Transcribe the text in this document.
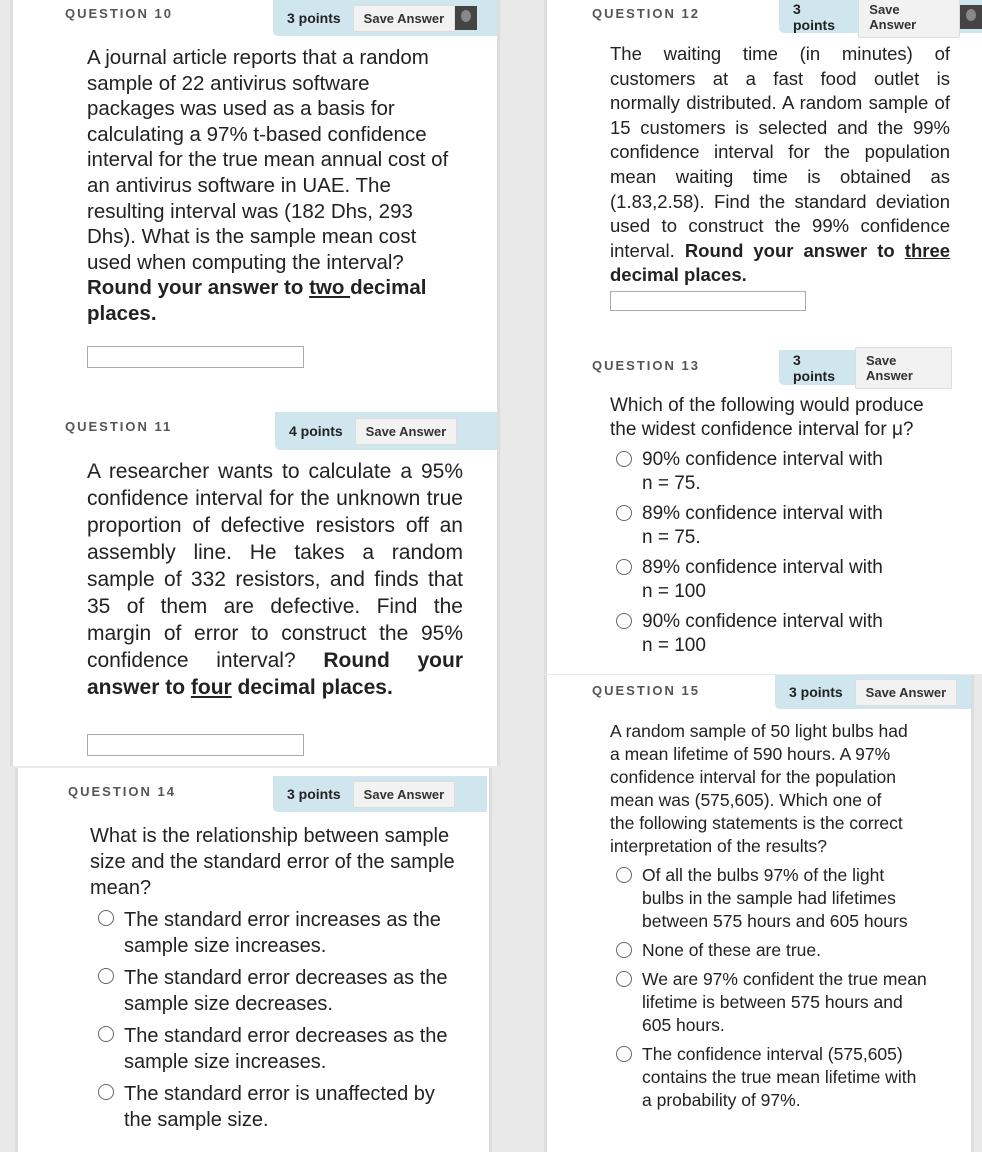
QUESTION 10	3 points	Save Answer
A journal article reports that a random sample of 22 antivirus software packages was used as a basis for calculating a 97% t-based confidence interval for the true mean annual cost of an antivirus software in UAE. The resulting interval was (182 Dhs, 293 Dhs). What is the sample mean cost used when computing the interval? Round your answer to two decimal places.
QUESTION 11	4 points	Save Answer
A researcher wants to calculate a 95% confidence interval for the unknown true proportion of defective resistors off an assembly line. He takes a random sample of 332 resistors, and finds that 35 of them are defective. Find the margin of error to construct the 95% confidence interval? Round your answer to four decimal places.
QUESTION 14	3 points	Save Answer
What is the relationship between sample size and the standard error of the sample mean?
The standard error increases as the sample size increases.
The standard error decreases as the sample size decreases.
The standard error decreases as the sample size increases.
The standard error is unaffected by the sample size.
QUESTION 12	3 points
Save Answer
The waiting time (in minutes) of customers at a fast food outlet is normally distributed. A random sample of 15 customers is selected and the 99% confidence interval for the population mean waiting time is obtained as (1.83,2.58). Find the standard deviation used to construct the 99% confidence interval. Round your answer to three decimal places.
QUESTION 13	3 points
Save Answer
Which of the following would produce the widest confidence interval for μ?
90% confidence interval with n = 75.
89% confidence interval with n = 75.
89% confidence interval with n = 100
90% confidence interval with n = 100
QUESTION 15	3 points	Save Answer
A random sample of 50 light bulbs had a mean lifetime of 590 hours. A 97% confidence interval for the population mean was (575,605). Which one of the following statements is the correct interpretation of the results?
Of all the bulbs 97% of the light bulbs in the sample had lifetimes between 575 hours and 605 hours
None of these are true.
We are 97% confident the true mean lifetime is between 575 hours and 605 hours.
The confidence interval (575,605) contains the true mean lifetime with a probability of 97%.
